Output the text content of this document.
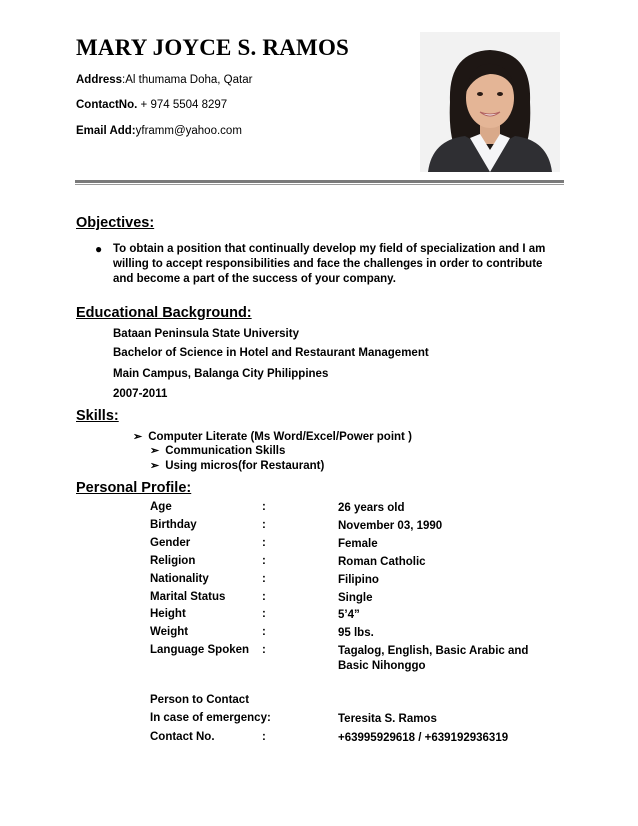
MARY JOYCE S. RAMOS
Address:Al thumama Doha, Qatar
ContactNo. + 974 5504 8297
Email Add:yframm@yahoo.com
Objectives:
● To obtain a position that continually develop my field of specialization and I am willing to accept responsibilities and face the challenges in order to contribute and become a part of the success of your company.
Educational Background:
Bataan Peninsula State University
Bachelor of Science in Hotel and Restaurant Management
Main Campus, Balanga City Philippines
2007-2011
Skills:
➢ Computer Literate (Ms Word/Excel/Power point )
➢ Communication Skills
➢ Using micros(for Restaurant)
Personal Profile:
Age	:	26 years old
Birthday	:	November 03, 1990
Gender	:	Female
Religion	:	Roman Catholic
Nationality	:	Filipino
Marital Status	:	Single
Height	:	5’4”
Weight	:	95 lbs.
Language Spoken :	Tagalog, English, Basic Arabic and
Basic Nihonggo
Person to Contact
In case of emergency:	Teresita S. Ramos
Contact No.	:	+63995929618 / +639192936319
